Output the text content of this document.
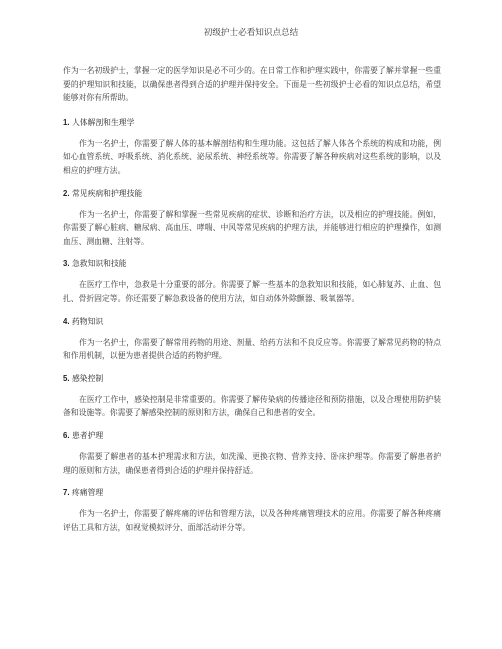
初级护士必看知识点总结

作为一名初级护士，掌握一定的医学知识是必不可少的。在日常工作和护理实践中，你需要了解并掌握一些重要的护理知识和技能，以确保患者得到合适的护理并保持安全。下面是一些初级护士必看的知识点总结，希望能够对你有所帮助。

1. 人体解剖和生理学

作为一名护士，你需要了解人体的基本解剖结构和生理功能。这包括了解人体各个系统的构成和功能，例如心血管系统、呼吸系统、消化系统、泌尿系统、神经系统等。你需要了解各种疾病对这些系统的影响，以及相应的护理方法。

2. 常见疾病和护理技能

作为一名护士，你需要了解和掌握一些常见疾病的症状、诊断和治疗方法，以及相应的护理技能。例如，你需要了解心脏病、糖尿病、高血压、哮喘、中风等常见疾病的护理方法，并能够进行相应的护理操作，如测血压、测血糖、注射等。

3. 急救知识和技能

在医疗工作中，急救是十分重要的部分。你需要了解一些基本的急救知识和技能，如心肺复苏、止血、包扎、骨折固定等。你还需要了解急救设备的使用方法，如自动体外除颤器、吸氧器等。

4. 药物知识

作为一名护士，你需要了解常用药物的用途、剂量、给药方法和不良反应等。你需要了解常见药物的特点和作用机制，以便为患者提供合适的药物护理。

5. 感染控制

在医疗工作中，感染控制是非常重要的。你需要了解传染病的传播途径和预防措施，以及合理使用防护装备和设施等。你需要了解感染控制的原则和方法，确保自己和患者的安全。

6. 患者护理

你需要了解患者的基本护理需求和方法，如洗澡、更换衣物、营养支持、卧床护理等。你需要了解患者护理的原则和方法，确保患者得到合适的护理并保持舒适。

7. 疼痛管理

作为一名护士，你需要了解疼痛的评估和管理方法，以及各种疼痛管理技术的应用。你需要了解各种疼痛评估工具和方法，如视觉模拟评分、面部活动评分等。
